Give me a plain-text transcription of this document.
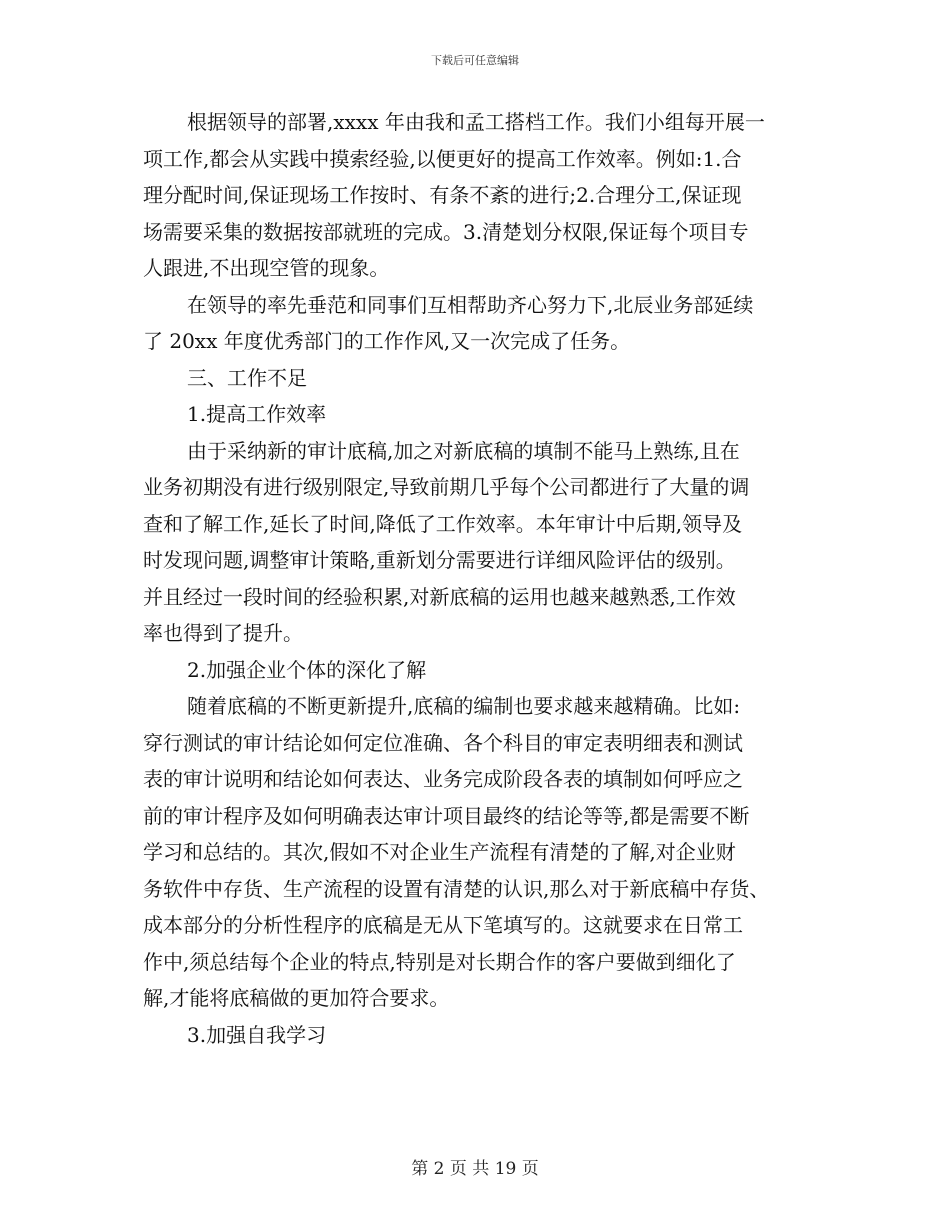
下载后可任意编辑
根据领导的部署,xxxx 年由我和孟工搭档工作。我们小组每开展一
项工作,都会从实践中摸索经验,以便更好的提高工作效率。例如:1.合
理分配时间,保证现场工作按时、有条不紊的进行;2.合理分工,保证现
场需要采集的数据按部就班的完成。3.清楚划分权限,保证每个项目专
人跟进,不出现空管的现象。
在领导的率先垂范和同事们互相帮助齐心努力下,北辰业务部延续
了 20xx 年度优秀部门的工作作风,又一次完成了任务。
三、工作不足
1.提高工作效率
由于采纳新的审计底稿,加之对新底稿的填制不能马上熟练,且在
业务初期没有进行级别限定,导致前期几乎每个公司都进行了大量的调
查和了解工作,延长了时间,降低了工作效率。本年审计中后期,领导及
时发现问题,调整审计策略,重新划分需要进行详细风险评估的级别。
并且经过一段时间的经验积累,对新底稿的运用也越来越熟悉,工作效
率也得到了提升。
2.加强企业个体的深化了解
随着底稿的不断更新提升,底稿的编制也要求越来越精确。比如:
穿行测试的审计结论如何定位准确、各个科目的审定表明细表和测试
表的审计说明和结论如何表达、业务完成阶段各表的填制如何呼应之
前的审计程序及如何明确表达审计项目最终的结论等等,都是需要不断
学习和总结的。其次,假如不对企业生产流程有清楚的了解,对企业财
务软件中存货、生产流程的设置有清楚的认识,那么对于新底稿中存货、
成本部分的分析性程序的底稿是无从下笔填写的。这就要求在日常工
作中,须总结每个企业的特点,特别是对长期合作的客户要做到细化了
解,才能将底稿做的更加符合要求。
3.加强自我学习
第 2 页 共 19 页
